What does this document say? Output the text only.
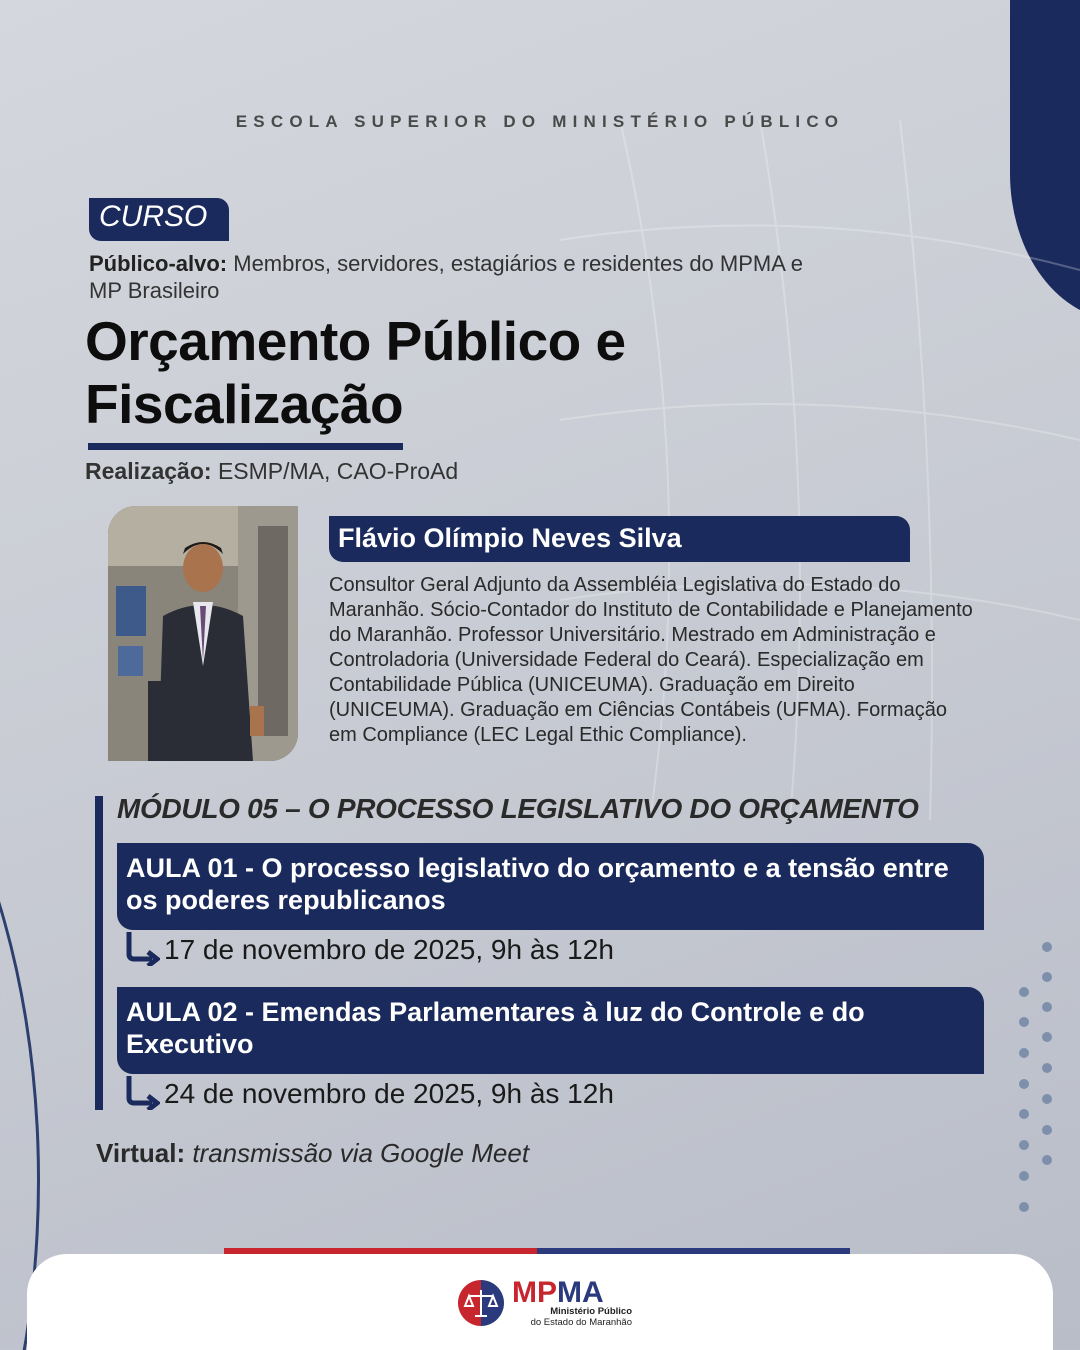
ESCOLA SUPERIOR DO MINISTÉRIO PÚBLICO
CURSO
Público-alvo: Membros, servidores, estagiários e residentes do MPMA e MP Brasileiro
Orçamento Público e
Fiscalização
Realização: ESMP/MA, CAO-ProAd
Flávio Olímpio Neves Silva
Consultor Geral Adjunto da Assembléia Legislativa do Estado do Maranhão. Sócio-Contador do Instituto de Contabilidade e Planejamento do Maranhão. Professor Universitário. Mestrado em Administração e Controladoria (Universidade Federal do Ceará). Especialização em Contabilidade Pública (UNICEUMA). Graduação em Direito (UNICEUMA). Graduação em Ciências Contábeis (UFMA). Formação em Compliance (LEC Legal Ethic Compliance).
MÓDULO 05 – O PROCESSO LEGISLATIVO DO ORÇAMENTO
AULA 01 - O processo legislativo do orçamento e a tensão entre os poderes republicanos
17 de novembro de 2025, 9h às 12h
AULA 02 - Emendas Parlamentares à luz do Controle e do Executivo
24 de novembro de 2025, 9h às 12h
Virtual: transmissão via Google Meet
MPMA
Ministério Público
do Estado do Maranhão
